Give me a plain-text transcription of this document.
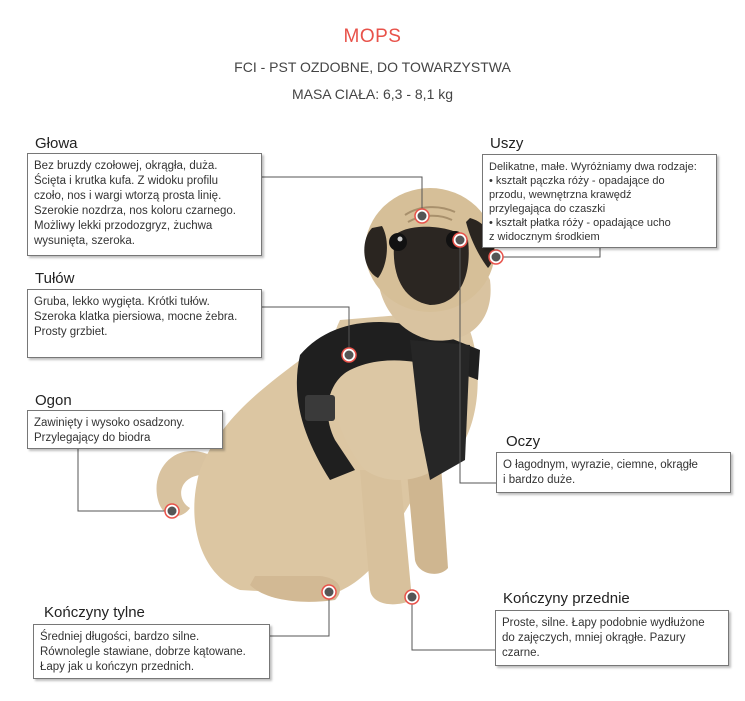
MOPS
FCI - PST OZDOBNE, DO TOWARZYSTWA
MASA CIAŁA: 6,3 - 8,1 kg
Głowa
Bez bruzdy czołowej, okrągła, duża.
Ścięta i krutka kufa. Z widoku profilu
czoło, nos i wargi wtorzą prosta linię.
Szerokie nozdrza, nos koloru czarnego.
Możliwy lekki przodozgryz, żuchwa
wysunięta, szeroka.
Tułów
Gruba, lekko wygięta. Krótki tułów.
Szeroka klatka piersiowa, mocne żebra.
Prosty grzbiet.
Ogon
Zawinięty i wysoko osadzony.
Przylegający do biodra
Kończyny tylne
Średniej długości, bardzo silne.
Równolegle stawiane, dobrze kątowane.
Łapy jak u kończyn przednich.
Uszy
Delikatne, małe. Wyróżniamy dwa rodzaje:
• kształt pączka róży - opadające do
przodu, wewnętrzna krawędź
przylegająca do czaszki
• kształt płatka róży - opadające ucho
z widocznym środkiem
Oczy
O łagodnym, wyrazie, ciemne, okrągłe
i bardzo duże.
Kończyny przednie
Proste, silne. Łapy podobnie wydłużone
do zajęczych, mniej okrągłe. Pazury
czarne.
